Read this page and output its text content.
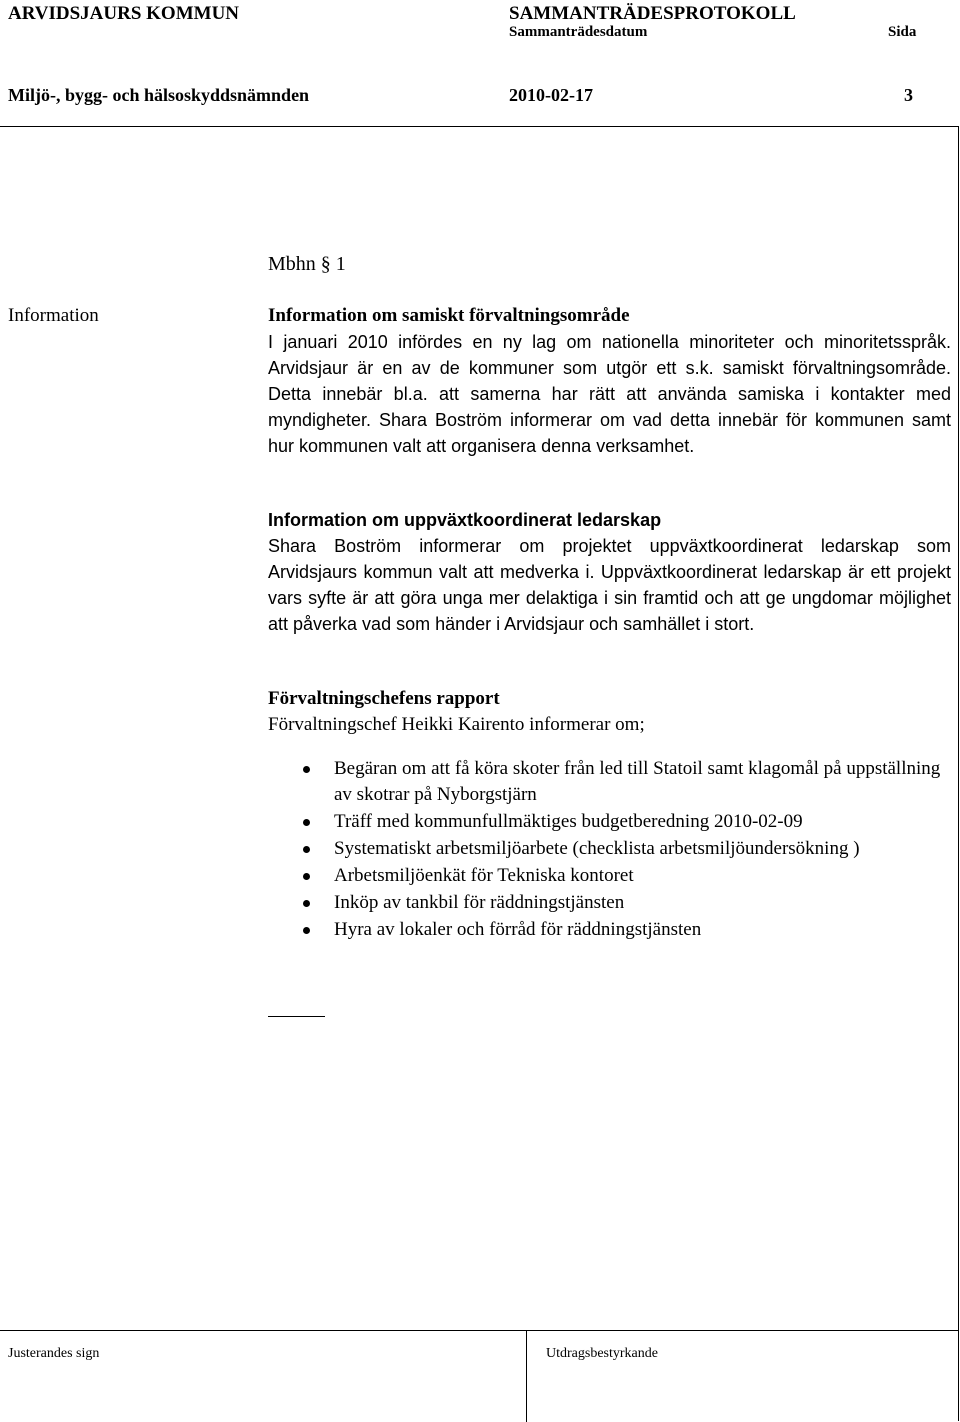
ARVIDSJAURS KOMMUN	SAMMANTRÄDESPROTOKOLL
Sammanträdesdatum	Sida
Miljö-, bygg- och hälsoskyddsnämnden	2010-02-17	3
Mbhn § 1
Information	Information om samiskt förvaltningsområde

I januari 2010 infördes en ny lag om nationella minoriteter och minoritetsspråk. Arvidsjaur är en av de kommuner som utgör ett s.k. samiskt förvaltningsområde. Detta innebär bl.a. att samerna har rätt att använda samiska i kontakter med myndigheter. Shara Boström informerar om vad detta innebär för kommunen samt hur kommunen valt att organisera denna verksamhet.

Information om uppväxtkoordinerat ledarskap

Shara Boström informerar om projektet uppväxtkoordinerat ledarskap som Arvidsjaurs kommun valt att medverka i. Uppväxtkoordinerat ledarskap är ett projekt vars syfte är att göra unga mer delaktiga i sin framtid och att ge ungdomar möjlighet att påverka vad som händer i Arvidsjaur och samhället i stort.

Förvaltningschefens rapport

Förvaltningschef Heikki Kairento informerar om;

Begäran om att få köra skoter från led till Statoil samt klagomål på uppställning av skotrar på Nyborgstjärn
Träff med kommunfullmäktiges budgetberedning 2010-02-09
Systematiskt arbetsmiljöarbete (checklista arbetsmiljöundersökning )
Arbetsmiljöenkät för Tekniska kontoret
Inköp av tankbil för räddningstjänsten
Hyra av lokaler och förråd för räddningstjänsten
Justerandes sign	Utdragsbestyrkande
